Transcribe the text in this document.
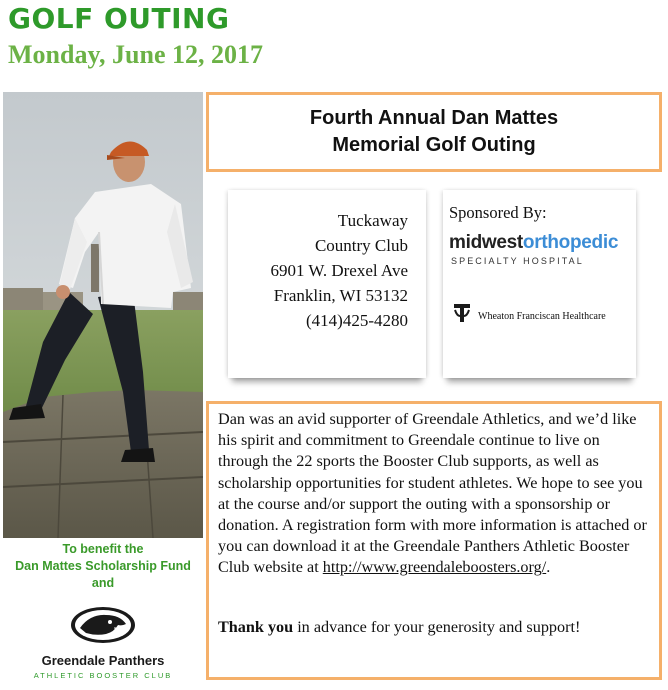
GOLF OUTING
Monday, June 12, 2017
To benefit the
Dan Mattes Scholarship Fund
and
Greendale Panthers
ATHLETIC BOOSTER CLUB
Fourth Annual Dan Mattes
Memorial Golf Outing
Tuckaway
Country Club
6901 W. Drexel Ave
Franklin, WI 53132
(414)425-4280
Sponsored By:
midwestorthopedic
SPECIALTY HOSPITAL
Wheaton Franciscan Healthcare
Dan was an avid supporter of Greendale Athletics, and we’d like his spirit and commitment to Greendale continue to live on through the 22 sports the Booster Club supports, as well as scholarship opportunities for student athletes. We hope to see you at the course and/or support the outing with a sponsorship or donation. A registration form with more information is attached or you can download it at the Greendale Panthers Athletic Booster Club website at http://www.greendaleboosters.org/.
Thank you in advance for your generosity and support!
